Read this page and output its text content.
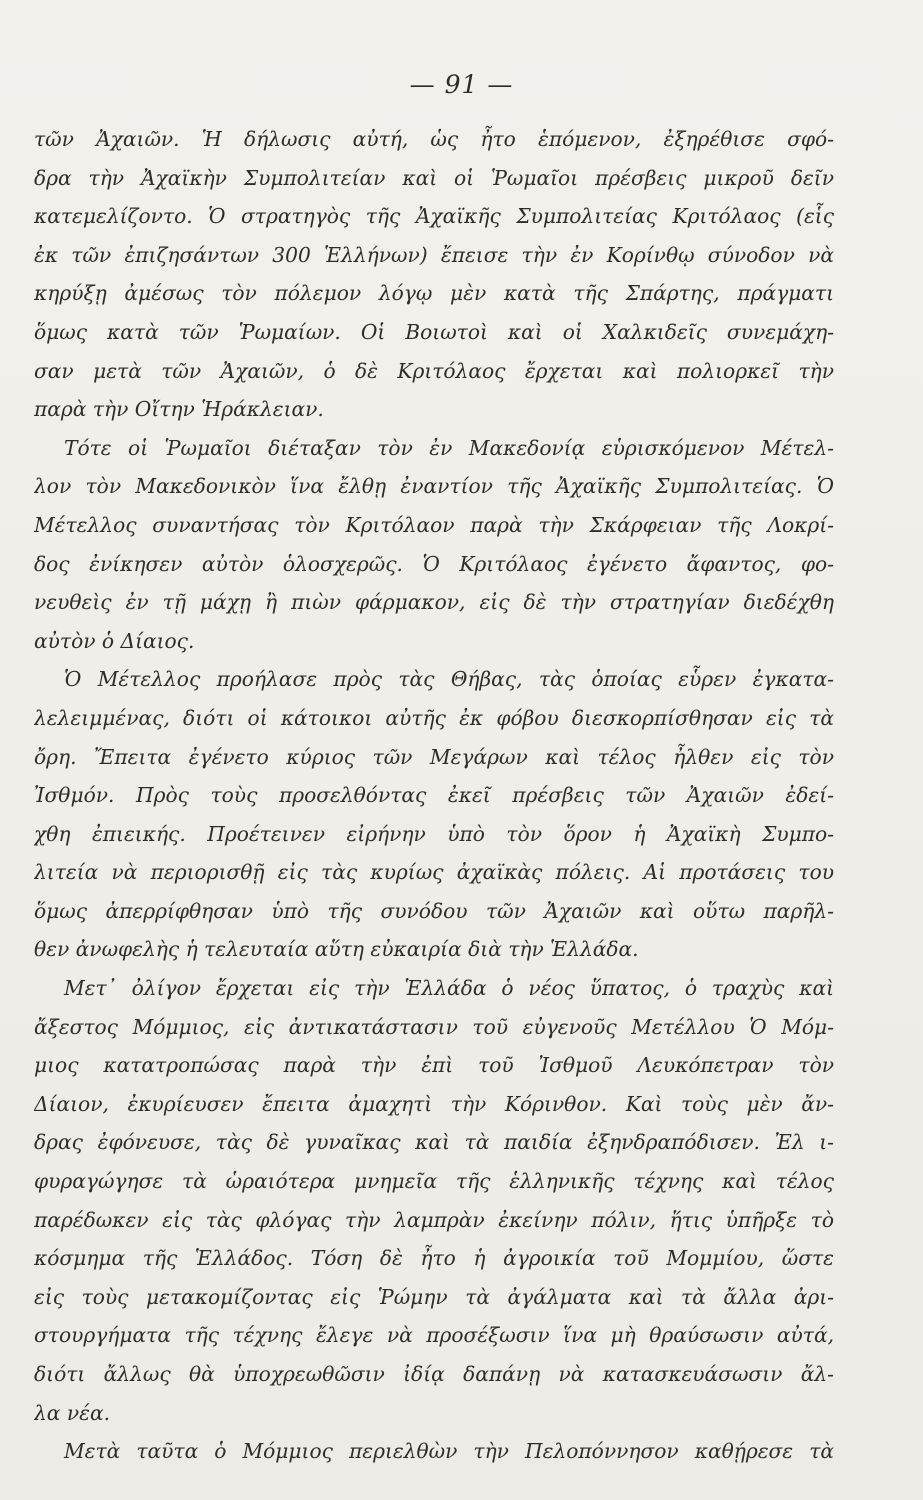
— 91 —
τῶν Ἀχαιῶν. Ἡ δήλωσις αὐτή, ὡς ἦτο ἑπόμενον, ἐξηρέθισε σφό-
δρα τὴν Ἀχαϊκὴν Συμπολιτείαν καὶ οἱ Ῥωμαῖοι πρέσβεις μικροῦ δεῖν
κατεμελίζοντο. Ὁ στρατηγὸς τῆς Ἀχαϊκῆς Συμπολιτείας Κριτόλαος (εἷς
ἐκ τῶν ἐπιζησάντων 300 Ἑλλήνων) ἔπεισε τὴν ἐν Κορίνθῳ σύνοδον νὰ
κηρύξῃ ἀμέσως τὸν πόλεμον λόγῳ μὲν κατὰ τῆς Σπάρτης, πράγματι
ὅμως κατὰ τῶν Ῥωμαίων. Οἱ Βοιωτοὶ καὶ οἱ Χαλκιδεῖς συνεμάχη-
σαν μετὰ τῶν Ἀχαιῶν, ὁ δὲ Κριτόλαος ἔρχεται καὶ πολιορκεῖ τὴν
παρὰ τὴν Οἴτην Ἡράκλειαν.
Τότε οἱ Ῥωμαῖοι διέταξαν τὸν ἐν Μακεδονίᾳ εὑρισκόμενον Μέτελ-
λον τὸν Μακεδονικὸν ἵνα ἔλθῃ ἐναντίον τῆς Ἀχαϊκῆς Συμπολιτείας. Ὁ
Μέτελλος συναντήσας τὸν Κριτόλαον παρὰ τὴν Σκάρφειαν τῆς Λοκρί-
δος ἐνίκησεν αὐτὸν ὁλοσχερῶς. Ὁ Κριτόλαος ἐγένετο ἄφαντος, φο-
νευθεὶς ἐν τῇ μάχῃ ἢ πιὼν φάρμακον, εἰς δὲ τὴν στρατηγίαν διεδέχθη
αὐτὸν ὁ Δίαιος.
Ὁ Μέτελλος προήλασε πρὸς τὰς Θήβας, τὰς ὁποίας εὗρεν ἐγκατα-
λελειμμένας, διότι οἱ κάτοικοι αὐτῆς ἐκ φόβου διεσκορπίσθησαν εἰς τὰ
ὄρη. Ἔπειτα ἐγένετο κύριος τῶν Μεγάρων καὶ τέλος ἦλθεν εἰς τὸν
Ἰσθμόν. Πρὸς τοὺς προσελθόντας ἐκεῖ πρέσβεις τῶν Ἀχαιῶν ἐδεί-
χθη ἐπιεικής. Προέτεινεν εἰρήνην ὑπὸ τὸν ὅρον ἡ Ἀχαϊκὴ Συμπο-
λιτεία νὰ περιορισθῇ εἰς τὰς κυρίως ἀχαϊκὰς πόλεις. Αἱ προτάσεις του
ὅμως ἀπερρίφθησαν ὑπὸ τῆς συνόδου τῶν Ἀχαιῶν καὶ οὕτω παρῆλ-
θεν ἀνωφελὴς ἡ τελευταία αὕτη εὐκαιρία διὰ τὴν Ἑλλάδα.
Μετ᾽ ὀλίγον ἔρχεται εἰς τὴν Ἑλλάδα ὁ νέος ὕπατος, ὁ τραχὺς καὶ
ἄξεστος Μόμμιος, εἰς ἀντικατάστασιν τοῦ εὐγενοῦς Μετέλλου Ὁ Μόμ-
μιος κατατροπώσας παρὰ τὴν ἐπὶ τοῦ Ἰσθμοῦ Λευκόπετραν τὸν
Δίαιον, ἐκυρίευσεν ἔπειτα ἀμαχητὶ τὴν Κόρινθον. Καὶ τοὺς μὲν ἄν-
δρας ἐφόνευσε, τὰς δὲ γυναῖκας καὶ τὰ παιδία ἐξηνδραπόδισεν. Ἐλ ι-
φυραγώγησε τὰ ὡραιότερα μνημεῖα τῆς ἑλληνικῆς τέχνης καὶ τέλος
παρέδωκεν εἰς τὰς φλόγας τὴν λαμπρὰν ἐκείνην πόλιν, ἥτις ὑπῆρξε τὸ
κόσμημα τῆς Ἑλλάδος. Τόση δὲ ἦτο ἡ ἀγροικία τοῦ Μομμίου, ὥστε
εἰς τοὺς μετακομίζοντας εἰς Ῥώμην τὰ ἀγάλματα καὶ τὰ ἄλλα ἀρι-
στουργήματα τῆς τέχνης ἔλεγε νὰ προσέξωσιν ἵνα μὴ θραύσωσιν αὐτά,
διότι ἄλλως θὰ ὑποχρεωθῶσιν ἰδίᾳ δαπάνῃ νὰ κατασκευάσωσιν ἄλ-
λα νέα.
Μετὰ ταῦτα ὁ Μόμμιος περιελθὼν τὴν Πελοπόννησον καθῄρεσε τὰ
